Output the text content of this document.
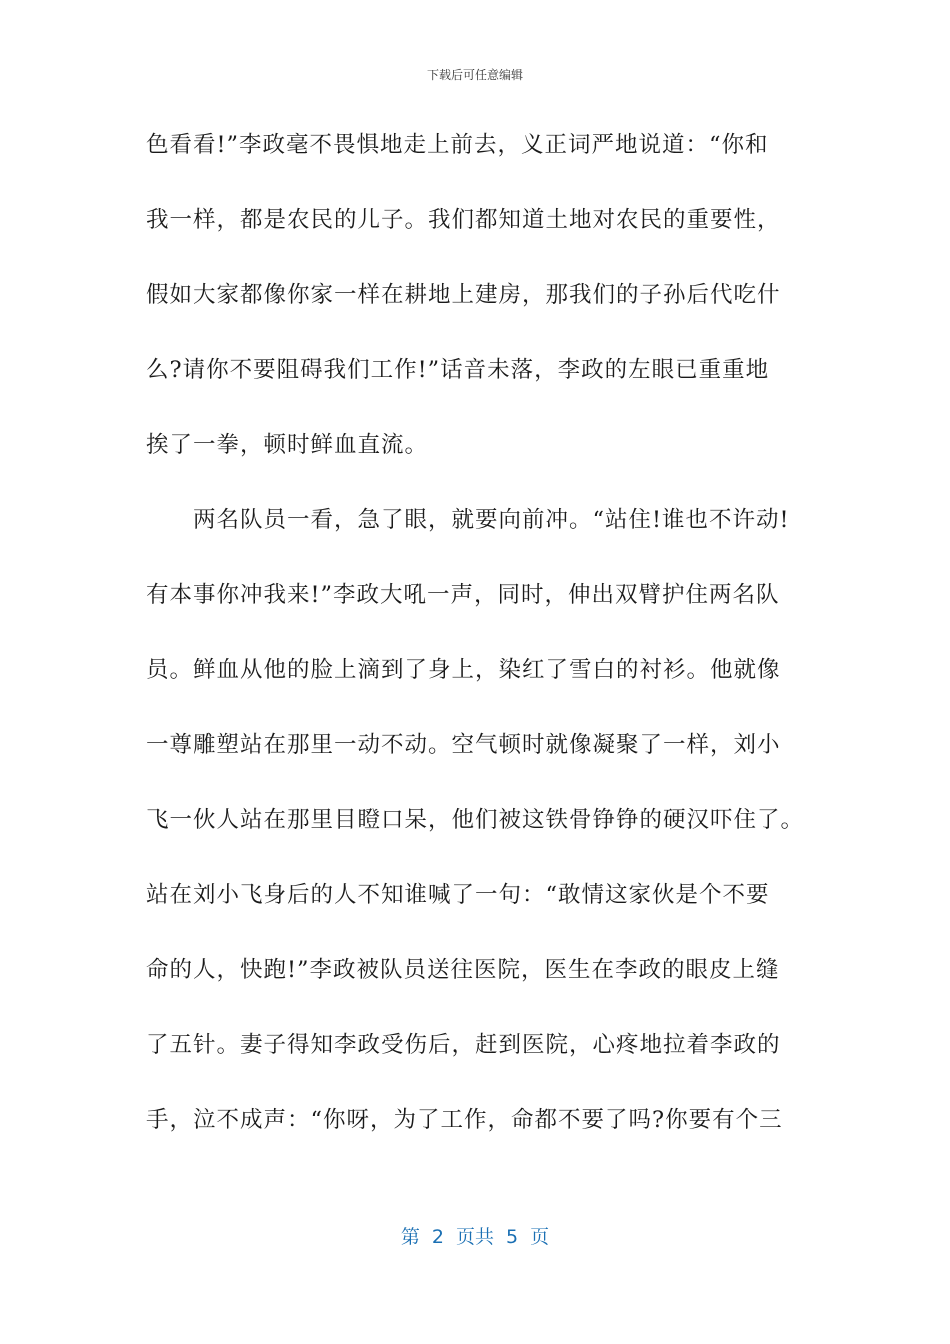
下载后可任意编辑
色看看!”李政毫不畏惧地走上前去，义正词严地说道：“你和
我一样，都是农民的儿子。我们都知道土地对农民的重要性，
假如大家都像你家一样在耕地上建房，那我们的子孙后代吃什
么?请你不要阻碍我们工作!”话音未落，李政的左眼已重重地
挨了一拳，顿时鲜血直流。
　　两名队员一看，急了眼，就要向前冲。“站住!谁也不许动!
有本事你冲我来!”李政大吼一声，同时，伸出双臂护住两名队
员。鲜血从他的脸上滴到了身上，染红了雪白的衬衫。他就像
一尊雕塑站在那里一动不动。空气顿时就像凝聚了一样，刘小
飞一伙人站在那里目瞪口呆，他们被这铁骨铮铮的硬汉吓住了。
站在刘小飞身后的人不知谁喊了一句：“敢情这家伙是个不要
命的人，快跑!”李政被队员送往医院，医生在李政的眼皮上缝
了五针。妻子得知李政受伤后，赶到医院，心疼地拉着李政的
手，泣不成声：“你呀，为了工作，命都不要了吗?你要有个三
第 2 页共 5 页
